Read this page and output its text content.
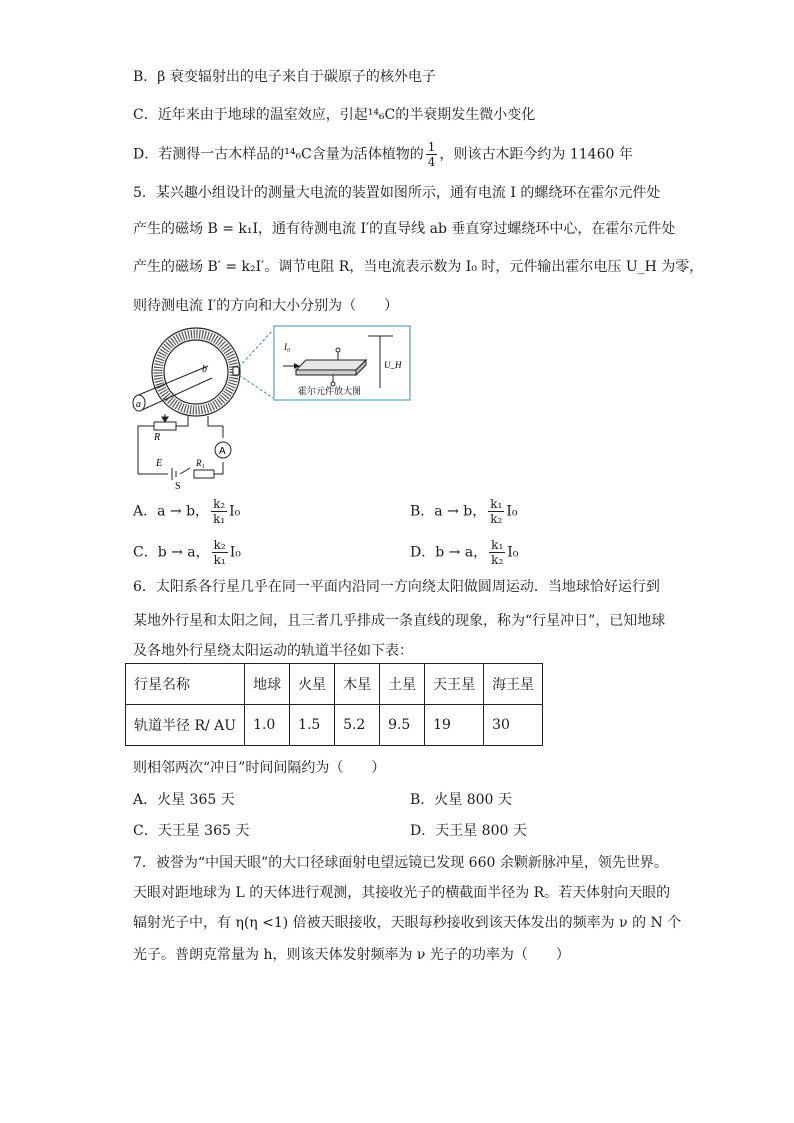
B．β 衰变辐射出的电子来自于碳原子的核外电子
C．近年来由于地球的温室效应，引起¹⁴₆C的半衰期发生微小变化
D．若测得一古木样品的¹⁴₆C含量为活体植物的 $\frac{1}{4}$ ，则该古木距今约为 11460 年
5．某兴趣小组设计的测量大电流的装置如图所示，通有电流 I 的螺绕环在霍尔元件处
产生的磁场 B = k₁I，通有待测电流 I′的直导线 ab 垂直穿过螺绕环中心，在霍尔元件处
产生的磁场 B′ = k₂I′。调节电阻 R，当电流表示数为 I₀ 时，元件输出霍尔电压 U_H 为零，
则待测电流 I′的方向和大小分别为（　　）
a
b
I₀
U_H
霍尔元件放大图
A
R
E
S
R₁
A．a → b， $\frac{\text{k₂}}{\text{k₁}} I_0$	B．a → b， $\frac{\text{k₁}}{\text{k₂}} I_0$
C．b → a， $\frac{\text{k₂}}{\text{k₁}} I_0$	D．b → a， $\frac{\text{k₁}}{\text{k₂}} I_0$
6．太阳系各行星几乎在同一平面内沿同一方向绕太阳做圆周运动．当地球恰好运行到
某地外行星和太阳之间，且三者几乎排成一条直线的现象，称为“行星冲日”，已知地球
及各地外行星绕太阳运动的轨道半径如下表：
行星名称	地球	火星	木星	土星	天王星	海王星
轨道半径 R/ AU	1.0	1.5	5.2	9.5	19	30
则相邻两次“冲日”时间间隔约为（　　）
A．火星 365 天	B．火星 800 天
C．天王星 365 天	D．天王星 800 天
7．被誉为“中国天眼”的大口径球面射电望远镜已发现 660 余颗新脉冲星，领先世界。
天眼对距地球为 L 的天体进行观测，其接收光子的横截面半径为 R。若天体射向天眼的
辐射光子中，有 η(η <1) 倍被天眼接收，天眼每秒接收到该天体发出的频率为 ν 的 N 个
光子。普朗克常量为 h，则该天体发射频率为 ν 光子的功率为（　　）
